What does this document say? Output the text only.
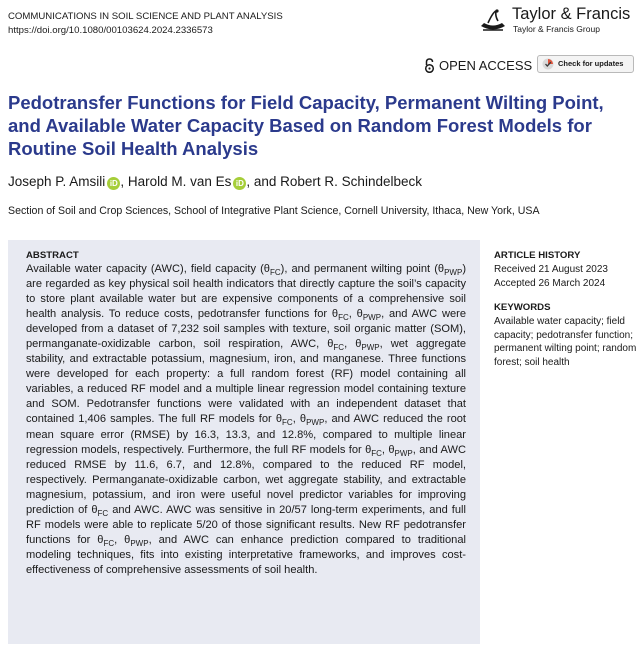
COMMUNICATIONS IN SOIL SCIENCE AND PLANT ANALYSIS
https://doi.org/10.1080/00103624.2024.2336573
Taylor & Francis
Taylor & Francis Group
OPEN ACCESS	Check for updates
Pedotransfer Functions for Field Capacity, Permanent Wilting Point, and Available Water Capacity Based on Random Forest Models for Routine Soil Health Analysis
Joseph P. Amsili iD , Harold M. van Es iD , and Robert R. Schindelbeck
Section of Soil and Crop Sciences, School of Integrative Plant Science, Cornell University, Ithaca, New York, USA
ABSTRACT
Available water capacity (AWC), field capacity $(\theta_{FC})$, and permanent wilting point $(\theta_{PWP})$ are regarded as key physical soil health indicators that directly capture the soil’s capacity to store plant available water but are expensive components of a comprehensive soil health analysis. To reduce costs, pedotransfer functions for $\theta_{FC}$, $\theta_{PWP}$, and AWC were developed from a dataset of 7,232 soil samples with texture, soil organic matter (SOM), permanganate-oxidizable carbon, soil respiration, AWC, $\theta_{FC}$, $\theta_{PWP}$, wet aggregate stability, and extractable potassium, magnesium, iron, and manganese. Three functions were developed for each property: a full random forest (RF) model containing all variables, a reduced RF model and a multiple linear regression model containing texture and SOM. Pedotransfer functions were validated with an independent dataset that contained 1,406 samples. The full RF models for $\theta_{FC}$, $\theta_{PWP}$, and AWC reduced the root mean square error (RMSE) by 16.3, 13.3, and 12.8%, compared to multiple linear regression models, respectively. Furthermore, the full RF models for $\theta_{FC}$, $\theta_{PWP}$, and AWC reduced RMSE by 11.6, 6.7, and 12.8%, compared to the reduced RF model, respectively. Permanganate-oxidizable carbon, wet aggregate stability, and extractable magnesium, potassium, and iron were useful novel predictor variables for improving prediction of $\theta_{FC}$ and AWC. AWC was sensitive in 20/57 long-term experiments, and full RF models were able to replicate 5/20 of those significant results. New RF pedotransfer functions for $\theta_{FC}$, $\theta_{PWP}$, and AWC can enhance prediction compared to traditional modeling techniques, fits into existing interpretative frameworks, and improves cost-effectiveness of comprehensive assessments of soil health.
ARTICLE HISTORY
Received 21 August 2023
Accepted 26 March 2024
KEYWORDS
Available water capacity; field capacity; pedotransfer function; permanent wilting point; random forest; soil health
